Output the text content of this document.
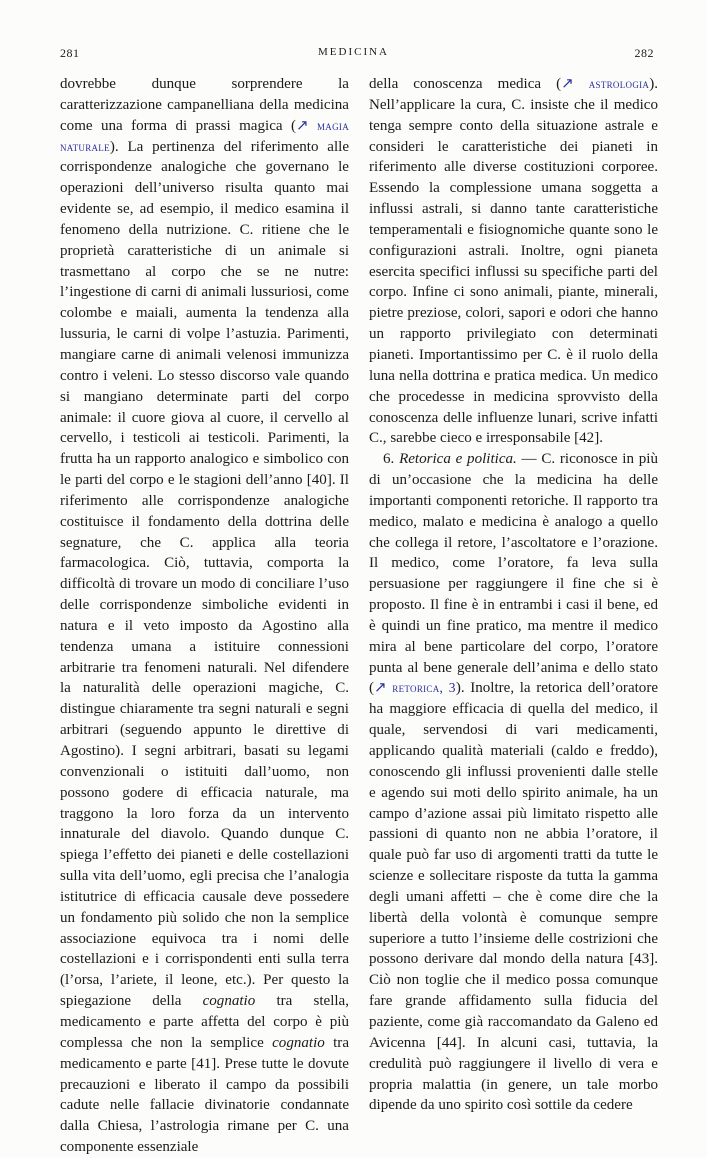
281	MEDICINA	282

dovrebbe dunque sorprendere la caratterizzazione campanelliana della medicina come una forma di prassi magica (↗ magia naturale). La pertinenza del riferimento alle corrispondenze analogiche che governano le operazioni dell’universo risulta quanto mai evidente se, ad esempio, il medico esamina il fenomeno della nutrizione. C. ritiene che le proprietà caratteristiche di un animale si trasmettano al corpo che se ne nutre: l’ingestione di carni di animali lussuriosi, come colombe e maiali, aumenta la tendenza alla lussuria, le carni di volpe l’astuzia. Parimenti, mangiare carne di animali velenosi immunizza contro i veleni. Lo stesso discorso vale quando si mangiano determinate parti del corpo animale: il cuore giova al cuore, il cervello al cervello, i testicoli ai testicoli. Parimenti, la frutta ha un rapporto analogico e simbolico con le parti del corpo e le stagioni dell’anno [40]. Il riferimento alle corrispondenze analogiche costituisce il fondamento della dottrina delle segnature, che C. applica alla teoria farmacologica. Ciò, tuttavia, comporta la difficoltà di trovare un modo di conciliare l’uso delle corrispondenze simboliche evidenti in natura e il veto imposto da Agostino alla tendenza umana a istituire connessioni arbitrarie tra fenomeni naturali. Nel difendere la naturalità delle operazioni magiche, C. distingue chiaramente tra segni naturali e segni arbitrari (seguendo appunto le direttive di Agostino). I segni arbitrari, basati su legami convenzionali o istituiti dall’uomo, non possono godere di efficacia naturale, ma traggono la loro forza da un intervento innaturale del diavolo. Quando dunque C. spiega l’effetto dei pianeti e delle costellazioni sulla vita dell’uomo, egli precisa che l’analogia istitutrice di efficacia causale deve possedere un fondamento più solido che non la semplice associazione equivoca tra i nomi delle costellazioni e i corrispondenti enti sulla terra (l’orsa, l’ariete, il leone, etc.). Per questo la spiegazione della cognatio tra stella, medicamento e parte affetta del corpo è più complessa che non la semplice cognatio tra medicamento e parte [41]. Prese tutte le dovute precauzioni e liberato il campo da possibili cadute nelle fallacie divinatorie condannate dalla Chiesa, l’astrologia rimane per C. una componente essenziale

della conoscenza medica (↗ astrologia). Nell’applicare la cura, C. insiste che il medico tenga sempre conto della situazione astrale e consideri le caratteristiche dei pianeti in riferimento alle diverse costituzioni corporee. Essendo la complessione umana soggetta a influssi astrali, si danno tante caratteristiche temperamentali e fisiognomiche quante sono le configurazioni astrali. Inoltre, ogni pianeta esercita specifici influssi su specifiche parti del corpo. Infine ci sono animali, piante, minerali, pietre preziose, colori, sapori e odori che hanno un rapporto privilegiato con determinati pianeti. Importantissimo per C. è il ruolo della luna nella dottrina e pratica medica. Un medico che procedesse in medicina sprovvisto della conoscenza delle influenze lunari, scrive infatti C., sarebbe cieco e irresponsabile [42].

6. Retorica e politica. — C. riconosce in più di un’occasione che la medicina ha delle importanti componenti retoriche. Il rapporto tra medico, malato e medicina è analogo a quello che collega il retore, l’ascoltatore e l’orazione. Il medico, come l’oratore, fa leva sulla persuasione per raggiungere il fine che si è proposto. Il fine è in entrambi i casi il bene, ed è quindi un fine pratico, ma mentre il medico mira al bene particolare del corpo, l’oratore punta al bene generale dell’anima e dello stato (↗ retorica, 3). Inoltre, la retorica dell’oratore ha maggiore efficacia di quella del medico, il quale, servendosi di vari medicamenti, applicando qualità materiali (caldo e freddo), conoscendo gli influssi provenienti dalle stelle e agendo sui moti dello spirito animale, ha un campo d’azione assai più limitato rispetto alle passioni di quanto non ne abbia l’oratore, il quale può far uso di argomenti tratti da tutte le scienze e sollecitare risposte da tutta la gamma degli umani affetti – che è come dire che la libertà della volontà è comunque sempre superiore a tutto l’insieme delle costrizioni che possono derivare dal mondo della natura [43]. Ciò non toglie che il medico possa comunque fare grande affidamento sulla fiducia del paziente, come già raccomandato da Galeno ed Avicenna [44]. In alcuni casi, tuttavia, la credulità può raggiungere il livello di vera e propria malattia (in genere, un tale morbo dipende da uno spirito così sottile da cedere
